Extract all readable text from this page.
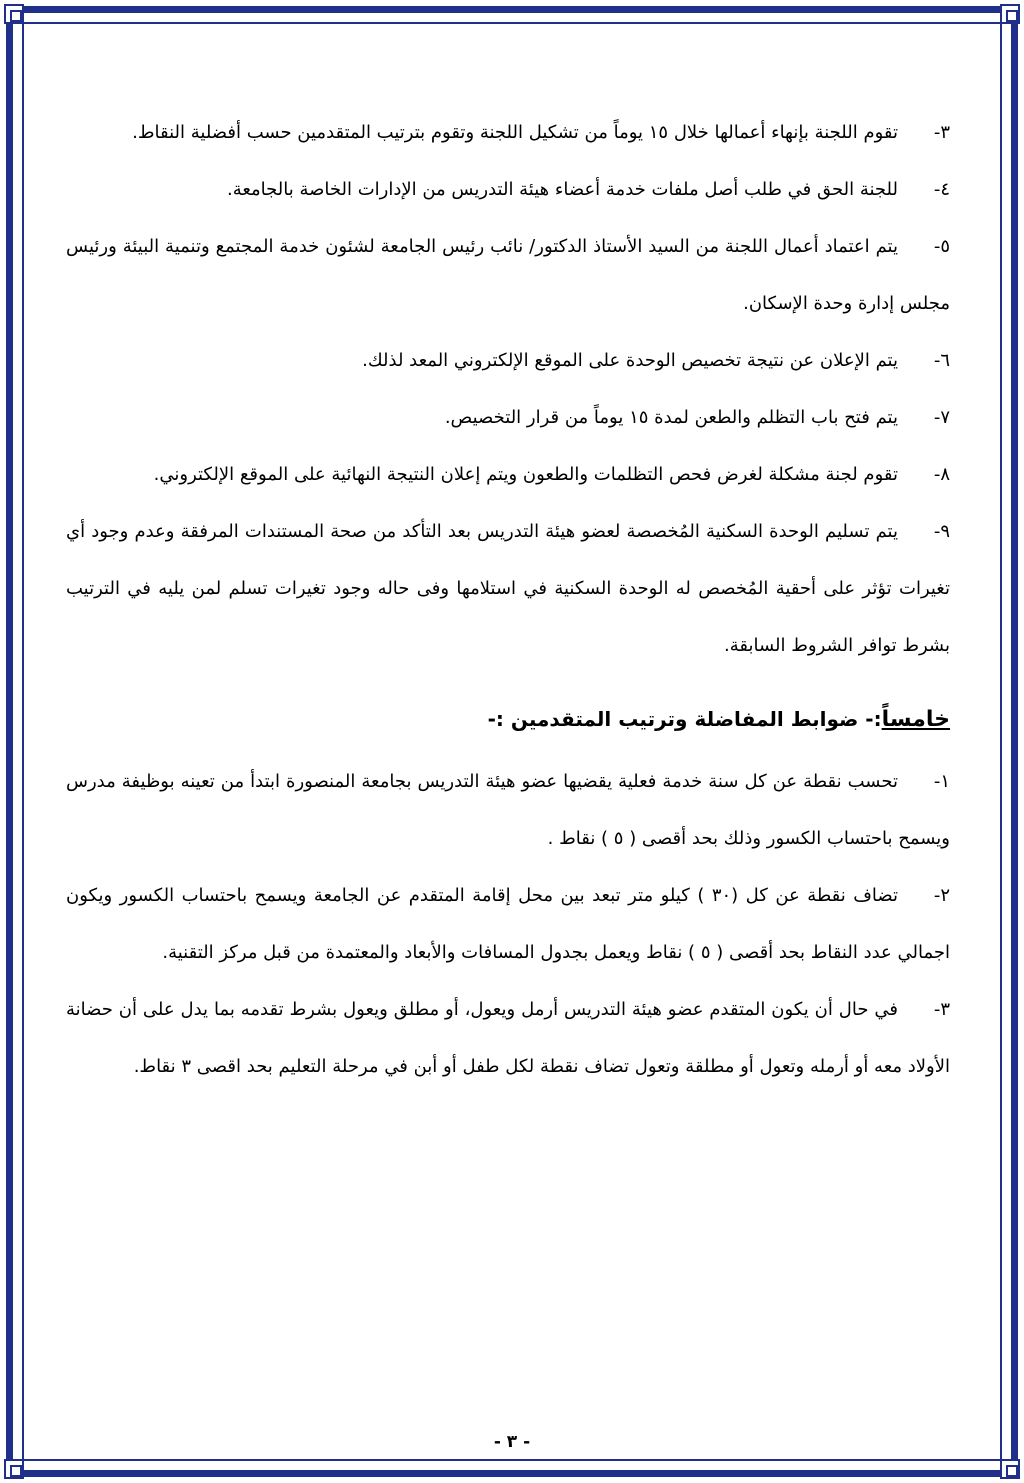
٣-تقوم اللجنة بإنهاء أعمالها خلال ١٥ يوماً من تشكيل اللجنة وتقوم بترتيب المتقدمين حسب أفضلية النقاط.

٤-للجنة الحق في طلب أصل ملفات خدمة أعضاء هيئة التدريس من الإدارات الخاصة بالجامعة.

٥-يتم اعتماد أعمال اللجنة من السيد الأستاذ الدكتور/ نائب رئيس الجامعة لشئون خدمة المجتمع وتنمية البيئة ورئيس مجلس إدارة وحدة الإسكان.

٦-يتم الإعلان عن نتيجة تخصيص الوحدة على الموقع الإلكتروني المعد لذلك.

٧-يتم فتح باب التظلم والطعن لمدة ١٥ يوماً من قرار التخصيص.

٨-تقوم لجنة مشكلة لغرض فحص التظلمات والطعون ويتم إعلان النتيجة النهائية على الموقع الإلكتروني.

٩-يتم تسليم الوحدة السكنية المُخصصة لعضو هيئة التدريس بعد التأكد من صحة المستندات المرفقة وعدم وجود أي تغيرات تؤثر على أحقية المُخصص له الوحدة السكنية في استلامها وفى حاله وجود تغيرات تسلم لمن يليه في الترتيب بشرط توافر الشروط السابقة.

خامساً:- ضوابط المفاضلة وترتيب المتقدمين :-

١-تحسب نقطة عن كل سنة خدمة فعلية يقضيها عضو هيئة التدريس بجامعة المنصورة ابتدأ من تعينه بوظيفة مدرس ويسمح باحتساب الكسور وذلك بحد أقصى ( ٥ ) نقاط .

٢-تضاف نقطة عن كل (٣٠ ) كيلو متر تبعد بين محل إقامة المتقدم عن الجامعة ويسمح باحتساب الكسور ويكون اجمالي عدد النقاط بحد أقصى ( ٥ ) نقاط ويعمل بجدول المسافات والأبعاد والمعتمدة من قبل مركز التقنية.

٣-في حال أن يكون المتقدم عضو هيئة التدريس أرمل ويعول، أو مطلق ويعول بشرط تقدمه بما يدل على أن حضانة الأولاد معه أو أرمله وتعول أو مطلقة وتعول تضاف نقطة لكل طفل أو أبن في مرحلة التعليم بحد اقصى ٣ نقاط.

- ٣ -
